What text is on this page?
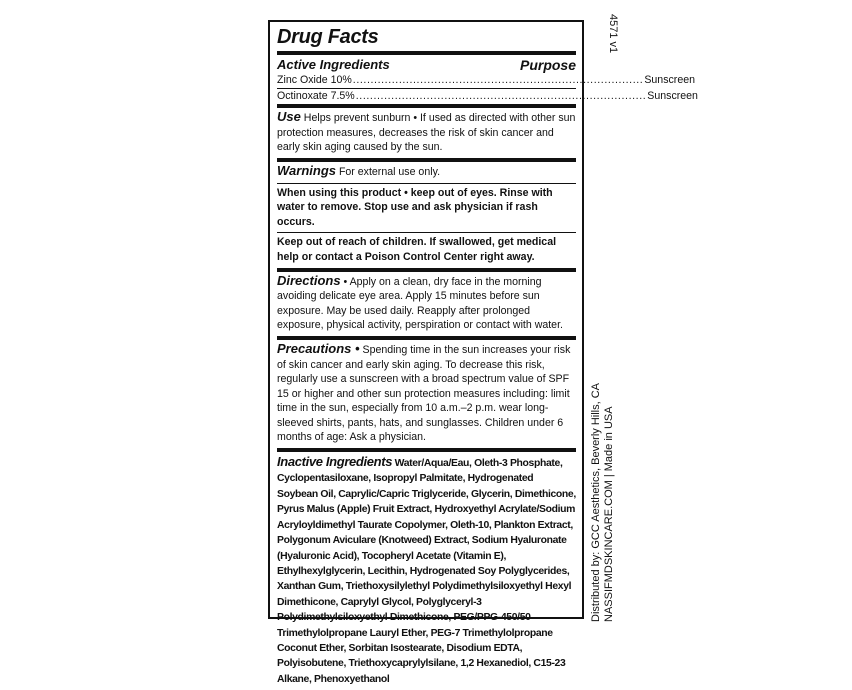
Drug Facts
Active Ingredients	Purpose
Zinc Oxide 10% .................................................................................. Sunscreen
Octinoxate 7.5% .................................................................................. Sunscreen
Use Helps prevent sunburn • If used as directed with other sun protection measures, decreases the risk of skin cancer and early skin aging caused by the sun.
Warnings For external use only.
When using this product • keep out of eyes. Rinse with water to remove. Stop use and ask physician if rash occurs.
Keep out of reach of children. If swallowed, get medical help or contact a Poison Control Center right away.
Directions • Apply on a clean, dry face in the morning avoiding delicate eye area. Apply 15 minutes before sun exposure. May be used daily. Reapply after prolonged exposure, physical activity, perspiration or contact with water.
Precautions • Spending time in the sun increases your risk of skin cancer and early skin aging. To decrease this risk, regularly use a sunscreen with a broad spectrum value of SPF 15 or higher and other sun protection measures including: limit time in the sun, especially from 10 a.m.–2 p.m. wear long-sleeved shirts, pants, hats, and sunglasses. Children under 6 months of age: Ask a physician.
Inactive Ingredients Water/Aqua/Eau, Oleth-3 Phosphate, Cyclopentasiloxane, Isopropyl Palmitate, Hydrogenated Soybean Oil, Caprylic/Capric Triglyceride, Glycerin, Dimethicone, Pyrus Malus (Apple) Fruit Extract, Hydroxyethyl Acrylate/Sodium Acryloyldimethyl Taurate Copolymer, Oleth-10, Plankton Extract, Polygonum Aviculare (Knotweed) Extract, Sodium Hyaluronate (Hyaluronic Acid), Tocopheryl Acetate (Vitamin E), Ethylhexylglycerin, Lecithin, Hydrogenated Soy Polyglycerides, Xanthan Gum, Triethoxysilylethyl Polydimethylsiloxyethyl Hexyl Dimethicone, Caprylyl Glycol, Polyglyceryl-3 Polydimethylsiloxyethyl Dimethicone, PEG/PPG-450/50 Trimethylolpropane Lauryl Ether, PEG-7 Trimethylolpropane Coconut Ether, Sorbitan Isostearate, Disodium EDTA, Polyisobutene, Triethoxycaprylylsilane, 1,2 Hexanediol, C15-23 Alkane, Phenoxyethanol
4571 v1
Distributed by: GCC Aesthetics, Beverly Hills, CA NASSIFMDSKINCARE.COM | Made in USA
